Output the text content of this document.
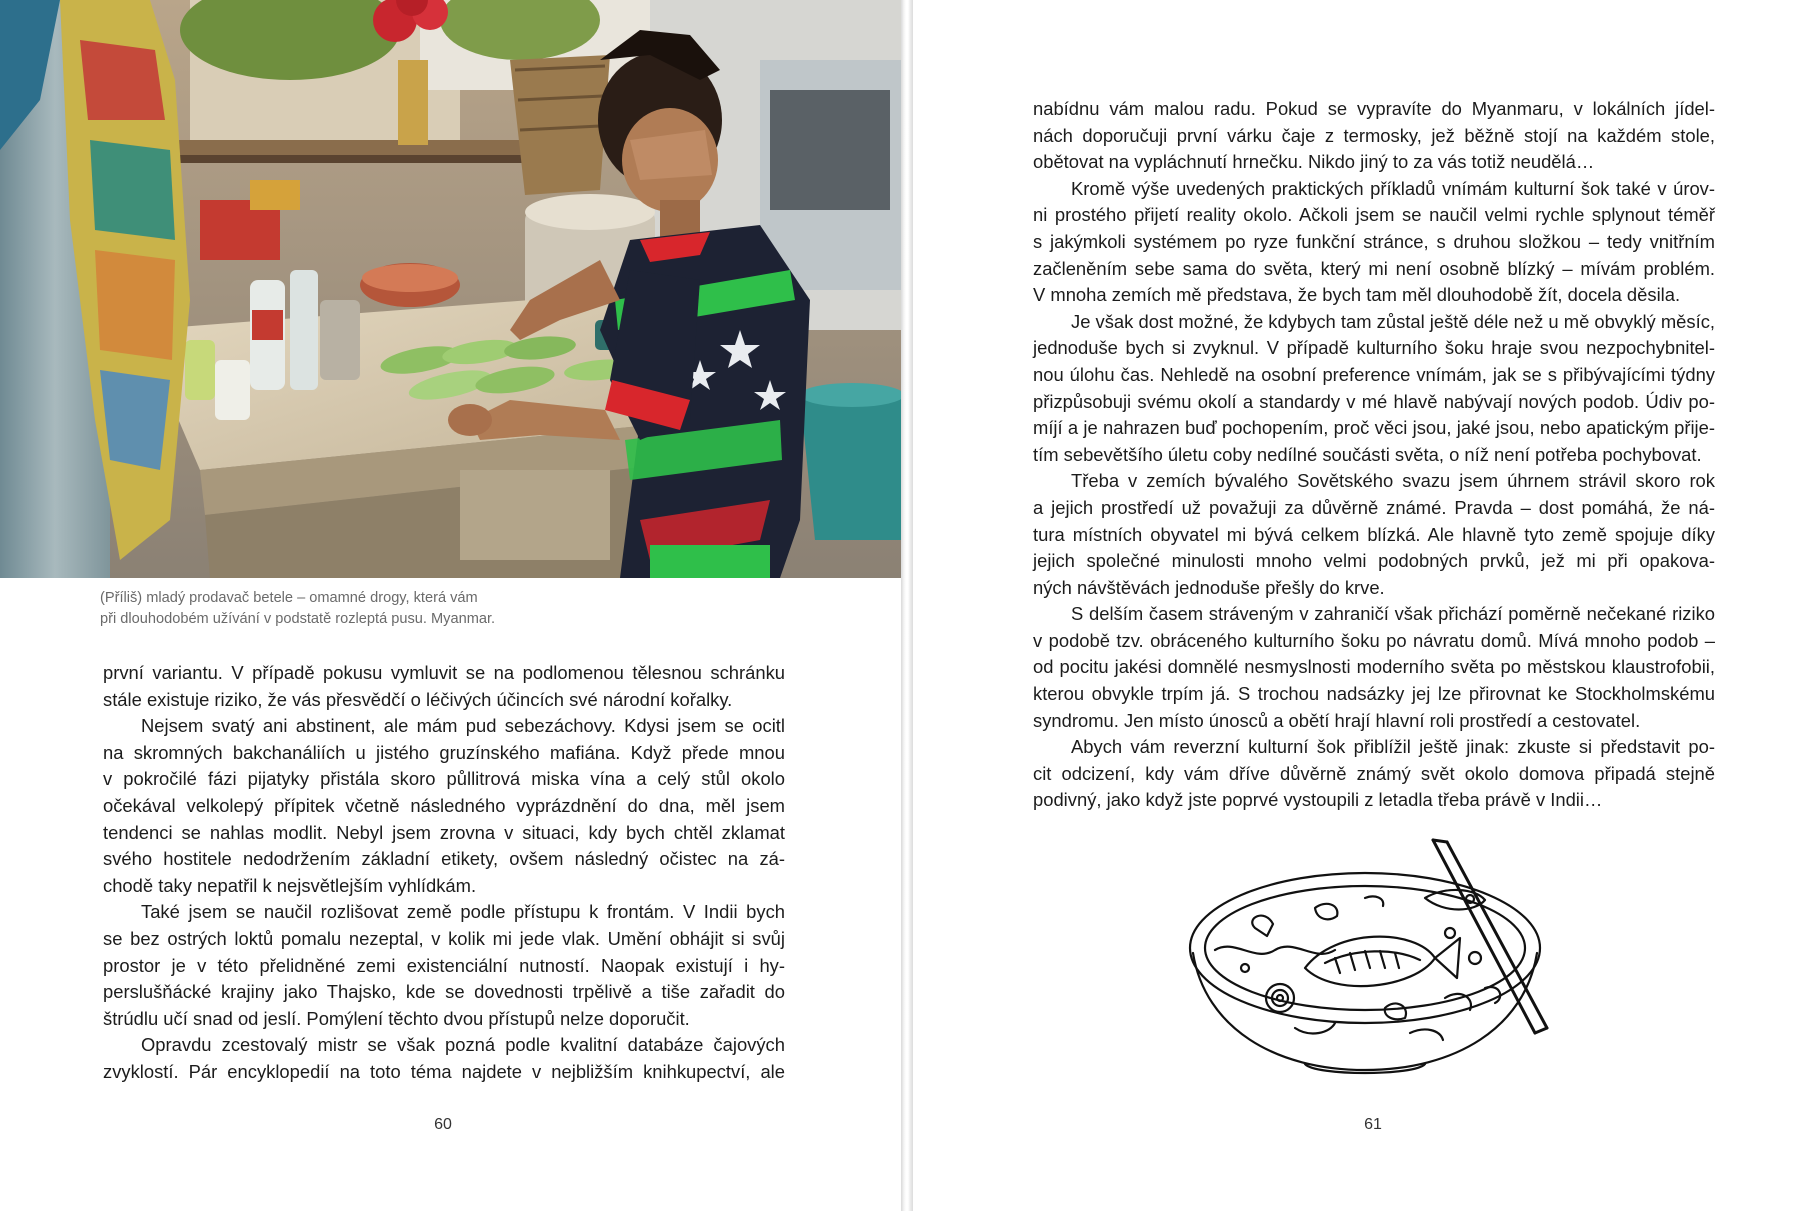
(Příliš) mladý prodavač betele – omamné drogy, která vám
při dlouhodobém užívání v podstatě rozleptá pusu. Myanmar.

první variantu. V případě pokusu vymluvit se na podlomenou tělesnou schránku

stále existuje riziko, že vás přesvědčí o léčivých účincích své národní kořalky.

Nejsem svatý ani abstinent, ale mám pud sebezáchovy. Kdysi jsem se ocitl

na skromných bakchanáliích u jistého gruzínského mafiána. Když přede mnou

v pokročilé fázi pijatyky přistála skoro půllitrová miska vína a celý stůl okolo

očekával velkolepý přípitek včetně následného vyprázdnění do dna, měl jsem

tendenci se nahlas modlit. Nebyl jsem zrovna v situaci, kdy bych chtěl zklamat

svého hostitele nedodržením základní etikety, ovšem následný očistec na zá-

chodě taky nepatřil k nejsvětlejším vyhlídkám.

Také jsem se naučil rozlišovat země podle přístupu k frontám. V Indii bych

se bez ostrých loktů pomalu nezeptal, v kolik mi jede vlak. Umění obhájit si svůj

prostor je v této přelidněné zemi existenciální nutností. Naopak existují i hy-

perslušňácké krajiny jako Thajsko, kde se dovednosti trpělivě a tiše zařadit do

štrúdlu učí snad od jeslí. Pomýlení těchto dvou přístupů nelze doporučit.

Opravdu zcestovalý mistr se však pozná podle kvalitní databáze čajových

zvyklostí. Pár encyklopedií na toto téma najdete v nejbližším knihkupectví, ale

60

nabídnu vám malou radu. Pokud se vypravíte do Myanmaru, v lokálních jídel-

nách doporučuji první várku čaje z termosky, jež běžně stojí na každém stole,

obětovat na vypláchnutí hrnečku. Nikdo jiný to za vás totiž neudělá…

Kromě výše uvedených praktických příkladů vnímám kulturní šok také v úrov-

ni prostého přijetí reality okolo. Ačkoli jsem se naučil velmi rychle splynout téměř

s jakýmkoli systémem po ryze funkční stránce, s druhou složkou – tedy vnitřním

začleněním sebe sama do světa, který mi není osobně blízký – mívám problém.

V mnoha zemích mě představa, že bych tam měl dlouhodobě žít, docela děsila.

Je však dost možné, že kdybych tam zůstal ještě déle než u mě obvyklý měsíc,

jednoduše bych si zvyknul. V případě kulturního šoku hraje svou nezpochybnitel-

nou úlohu čas. Nehledě na osobní preference vnímám, jak se s přibývajícími týdny

přizpůsobuji svému okolí a standardy v mé hlavě nabývají nových podob. Údiv po-

míjí a je nahrazen buď pochopením, proč věci jsou, jaké jsou, nebo apatickým přije-

tím sebevětšího úletu coby nedílné součásti světa, o níž není potřeba pochybovat.

Třeba v zemích bývalého Sovětského svazu jsem úhrnem strávil skoro rok

a jejich prostředí už považuji za důvěrně známé. Pravda – dost pomáhá, že ná-

tura místních obyvatel mi bývá celkem blízká. Ale hlavně tyto země spojuje díky

jejich společné minulosti mnoho velmi podobných prvků, jež mi při opakova-

ných návštěvách jednoduše přešly do krve.

S delším časem stráveným v zahraničí však přichází poměrně nečekané riziko

v podobě tzv. obráceného kulturního šoku po návratu domů. Mívá mnoho podob –

od pocitu jakési domnělé nesmyslnosti moderního světa po městskou klaustrofobii,

kterou obvykle trpím já. S trochou nadsázky jej lze přirovnat ke Stockholmskému

syndromu. Jen místo únosců a obětí hrají hlavní roli prostředí a cestovatel.

Abych vám reverzní kulturní šok přiblížil ještě jinak: zkuste si představit po-

cit odcizení, kdy vám dříve důvěrně známý svět okolo domova připadá stejně

podivný, jako když jste poprvé vystoupili z letadla třeba právě v Indii…

61
